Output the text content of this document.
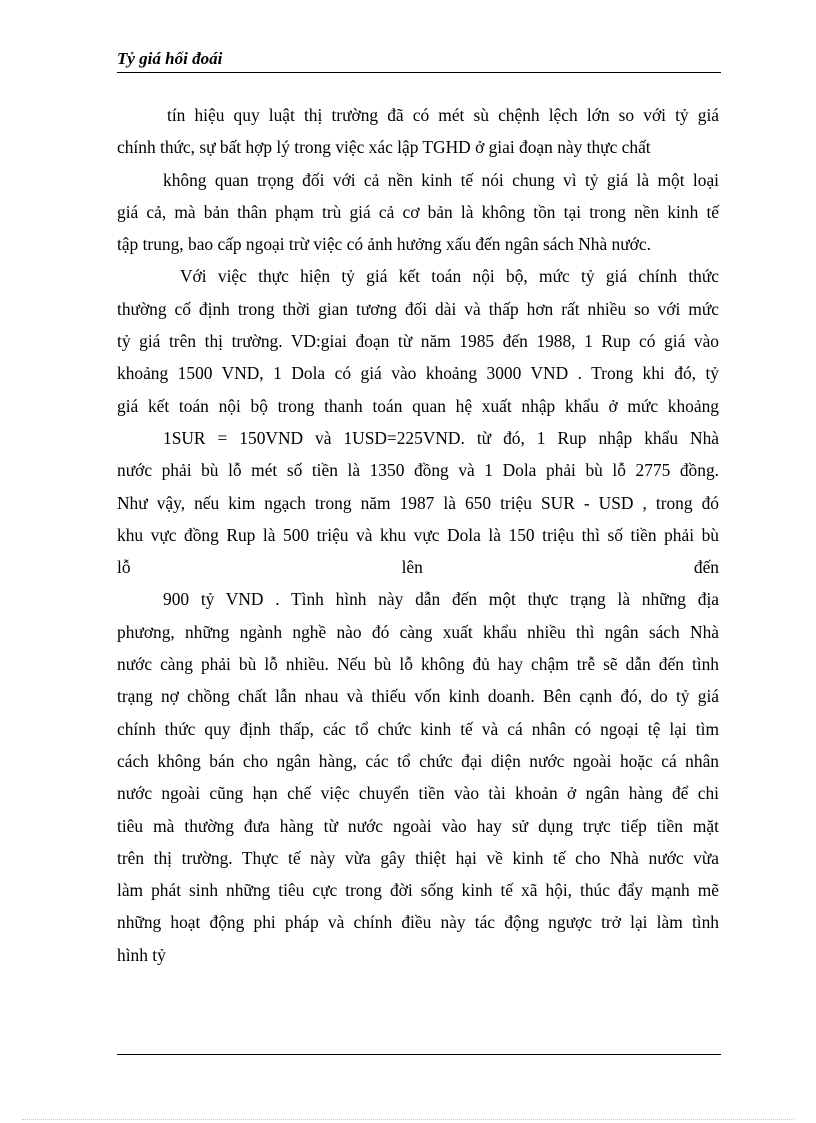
Tỷ giá hối đoái
tín hiệu quy luật thị trường đã có mét sù chệnh lệch lớn so với tỷ giá
chính thức, sự bất hợp lý trong việc xác lập TGHD ở giai đoạn này thực chất
không quan trọng đối với cả nền kinh tế nói chung vì tỷ giá là một loại
giá cả, mà bản thân phạm trù giá cả cơ bản là không tồn tại trong nền kinh tế
tập trung, bao cấp ngoại trừ việc có ảnh hưởng xấu đến ngân sách Nhà nước.
Với việc thực hiện tỷ giá kết toán nội bộ, mức tỷ giá chính thức
thường cố định trong thời gian tương đối dài và thấp hơn rất nhiều so với mức
tỷ giá trên thị trường. VD:giai đoạn từ năm 1985 đến 1988, 1 Rup có giá vào
khoảng 1500 VND, 1 Dola có giá vào khoảng 3000 VND . Trong khi đó, tỷ
giá kết toán nội bộ trong thanh toán quan hệ xuất nhập khẩu ở mức khoảng
1SUR = 150VND và 1USD=225VND. từ đó, 1 Rup nhập khẩu Nhà
nước phải bù lỗ mét số tiền là 1350 đồng và 1 Dola phải bù lỗ 2775 đồng.
Như vậy, nếu kim ngạch trong năm 1987 là 650 triệu SUR - USD , trong đó
khu vực đồng Rup là 500 triệu và khu vực Dola là 150 triệu thì số tiền phải bù
lỗ lên đến
900 tỷ VND . Tình hình này dẫn đến một thực trạng là những địa
phương, những ngành nghề nào đó càng xuất khẩu nhiều thì ngân sách Nhà
nước càng phải bù lỗ nhiều. Nếu bù lỗ không đủ hay chậm trễ sẽ dẫn đến tình
trạng nợ chồng chất lẫn nhau và thiếu vốn kinh doanh. Bên cạnh đó, do tỷ giá
chính thức quy định thấp, các tổ chức kinh tế và cá nhân có ngoại tệ lại tìm
cách không bán cho ngân hàng, các tổ chức đại diện nước ngoài hoặc cá nhân
nước ngoài cũng hạn chế việc chuyển tiền vào tài khoản ở ngân hàng để chi
tiêu mà thường đưa hàng từ nước ngoài vào hay sử dụng trực tiếp tiền mặt
trên thị trường. Thực tế này vừa gây thiệt hại về kinh tế cho Nhà nước vừa
làm phát sinh những tiêu cực trong đời sống kinh tế xã hội, thúc đẩy mạnh mẽ
những hoạt động phi pháp và chính điều này tác động ngược trở lại làm tình
hình tỷ
